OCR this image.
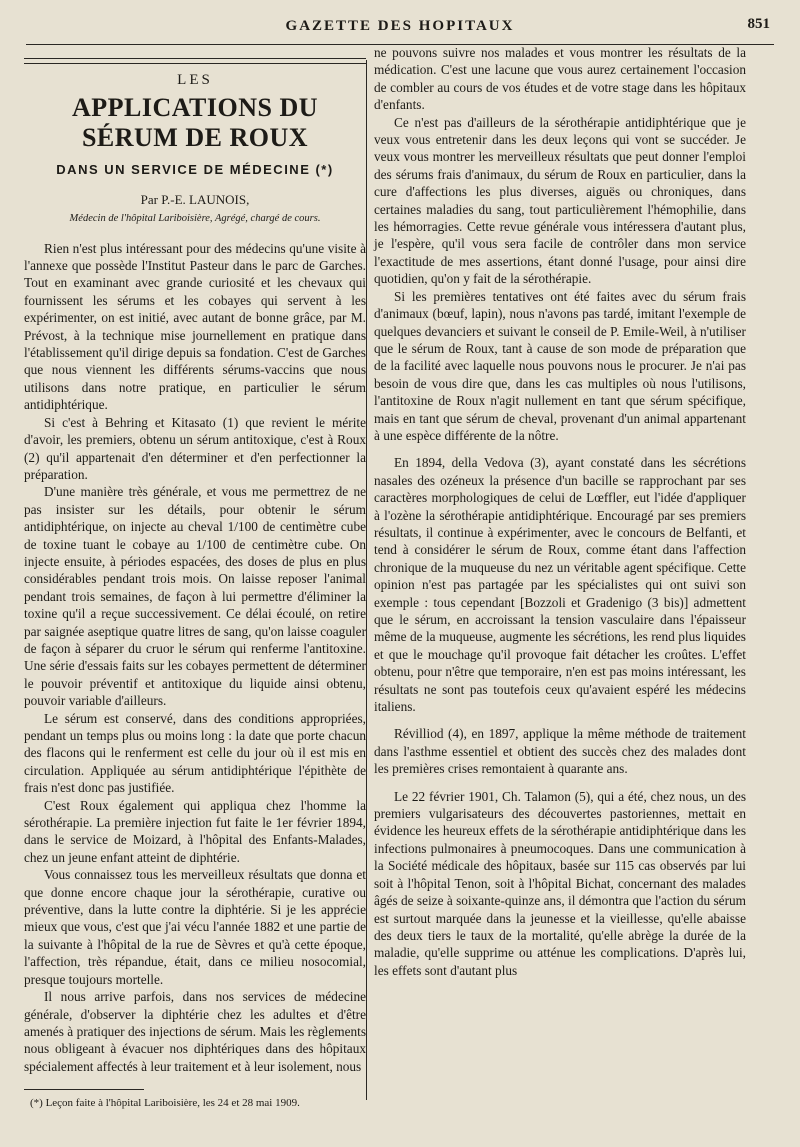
GAZETTE DES HOPITAUX	851
LES
APPLICATIONS DU SÉRUM DE ROUX
DANS UN SERVICE DE MÉDECINE (*)
Par P.-E. LAUNOIS,
Médecin de l'hôpital Lariboisière, Agrégé, chargé de cours.

Rien n'est plus intéressant pour des médecins qu'une visite à l'annexe que possède l'Institut Pasteur dans le parc de Garches. Tout en examinant avec grande curiosité et les chevaux qui fournissent les sérums et les cobayes qui servent à les expérimenter, on est initié, avec autant de bonne grâce, par M. Prévost, à la technique mise journellement en pratique dans l'établissement qu'il dirige depuis sa fondation. C'est de Garches que nous viennent les différents sérums-vaccins que nous utilisons dans notre pratique, en particulier le sérum antidiphtérique.

Si c'est à Behring et Kitasato (1) que revient le mérite d'avoir, les premiers, obtenu un sérum antitoxique, c'est à Roux (2) qu'il appartenait d'en déterminer et d'en perfectionner la préparation.

D'une manière très générale, et vous me permettrez de ne pas insister sur les détails, pour obtenir le sérum antidiphtérique, on injecte au cheval 1/100 de centimètre cube de toxine tuant le cobaye au 1/100 de centimètre cube. On injecte ensuite, à périodes espacées, des doses de plus en plus considérables pendant trois mois. On laisse reposer l'animal pendant trois semaines, de façon à lui permettre d'éliminer la toxine qu'il a reçue successivement. Ce délai écoulé, on retire par saignée aseptique quatre litres de sang, qu'on laisse coaguler de façon à séparer du cruor le sérum qui renferme l'antitoxine. Une série d'essais faits sur les cobayes permettent de déterminer le pouvoir préventif et antitoxique du liquide ainsi obtenu, pouvoir variable d'ailleurs.

Le sérum est conservé, dans des conditions appropriées, pendant un temps plus ou moins long : la date que porte chacun des flacons qui le renferment est celle du jour où il est mis en circulation. Appliquée au sérum antidiphtérique l'épithète de frais n'est donc pas justifiée.

C'est Roux également qui appliqua chez l'homme la sérothérapie. La première injection fut faite le 1er février 1894, dans le service de Moizard, à l'hôpital des Enfants-Malades, chez un jeune enfant atteint de diphtérie.

Vous connaissez tous les merveilleux résultats que donna et que donne encore chaque jour la sérothérapie, curative ou préventive, dans la lutte contre la diphtérie. Si je les apprécie mieux que vous, c'est que j'ai vécu l'année 1882 et une partie de la suivante à l'hôpital de la rue de Sèvres et qu'à cette époque, l'affection, très répandue, était, dans ce milieu nosocomial, presque toujours mortelle.

Il nous arrive parfois, dans nos services de médecine générale, d'observer la diphtérie chez les adultes et d'être amenés à pratiquer des injections de sérum. Mais les règlements nous obligeant à évacuer nos diphtériques dans des hôpitaux spécialement affectés à leur traitement et à leur isolement, nous

(*) Leçon faite à l'hôpital Lariboisière, les 24 et 28 mai 1909.

ne pouvons suivre nos malades et vous montrer les résultats de la médication. C'est une lacune que vous aurez certainement l'occasion de combler au cours de vos études et de votre stage dans les hôpitaux d'enfants.

Ce n'est pas d'ailleurs de la sérothérapie antidiphtérique que je veux vous entretenir dans les deux leçons qui vont se succéder. Je veux vous montrer les merveilleux résultats que peut donner l'emploi des sérums frais d'animaux, du sérum de Roux en particulier, dans la cure d'affections les plus diverses, aiguës ou chroniques, dans certaines maladies du sang, tout particulièrement l'hémophilie, dans les hémorragies. Cette revue générale vous intéressera d'autant plus, je l'espère, qu'il vous sera facile de contrôler dans mon service l'exactitude de mes assertions, étant donné l'usage, pour ainsi dire quotidien, qu'on y fait de la sérothérapie.

Si les premières tentatives ont été faites avec du sérum frais d'animaux (bœuf, lapin), nous n'avons pas tardé, imitant l'exemple de quelques devanciers et suivant le conseil de P. Emile-Weil, à n'utiliser que le sérum de Roux, tant à cause de son mode de préparation que de la facilité avec laquelle nous pouvons nous le procurer. Je n'ai pas besoin de vous dire que, dans les cas multiples où nous l'utilisons, l'antitoxine de Roux n'agit nullement en tant que sérum spécifique, mais en tant que sérum de cheval, provenant d'un animal appartenant à une espèce différente de la nôtre.

En 1894, della Vedova (3), ayant constaté dans les sécrétions nasales des ozéneux la présence d'un bacille se rapprochant par ses caractères morphologiques de celui de Lœffler, eut l'idée d'appliquer à l'ozène la sérothérapie antidiphtérique. Encouragé par ses premiers résultats, il continue à expérimenter, avec le concours de Belfanti, et tend à considérer le sérum de Roux, comme étant dans l'affection chronique de la muqueuse du nez un véritable agent spécifique. Cette opinion n'est pas partagée par les spécialistes qui ont suivi son exemple : tous cependant [Bozzoli et Gradenigo (3 bis)] admettent que le sérum, en accroissant la tension vasculaire dans l'épaisseur même de la muqueuse, augmente les sécrétions, les rend plus liquides et que le mouchage qu'il provoque fait détacher les croûtes. L'effet obtenu, pour n'être que temporaire, n'en est pas moins intéressant, les résultats ne sont pas toutefois ceux qu'avaient espéré les médecins italiens.

Révilliod (4), en 1897, applique la même méthode de traitement dans l'asthme essentiel et obtient des succès chez des malades dont les premières crises remontaient à quarante ans.

Le 22 février 1901, Ch. Talamon (5), qui a été, chez nous, un des premiers vulgarisateurs des découvertes pastoriennes, mettait en évidence les heureux effets de la sérothérapie antidiphtérique dans les infections pulmonaires à pneumocoques. Dans une communication à la Société médicale des hôpitaux, basée sur 115 cas observés par lui soit à l'hôpital Tenon, soit à l'hôpital Bichat, concernant des malades âgés de seize à soixante-quinze ans, il démontra que l'action du sérum est surtout marquée dans la jeunesse et la vieillesse, qu'elle abaisse des deux tiers le taux de la mortalité, qu'elle abrège la durée de la maladie, qu'elle supprime ou atténue les complications. D'après lui, les effets sont d'autant plus
